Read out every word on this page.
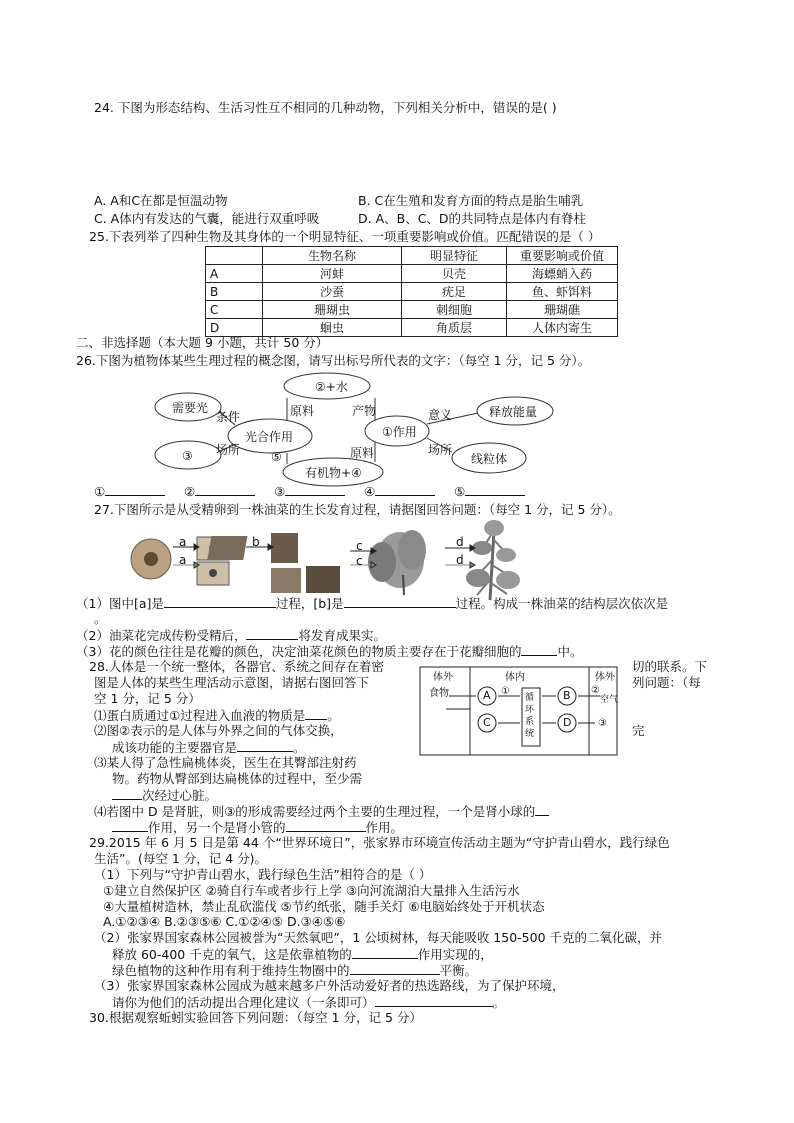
24. 下图为形态结构、生活习性互不相同的几种动物，下列相关分析中，错误的是( )
A. A和C在都是恒温动物	B. C在生殖和发育方面的特点是胎生哺乳
C. A体内有发达的气囊，能进行双重呼吸	D. A、B、C、D的共同特点是体内有脊柱
25.下表列举了四种生物及其身体的一个明显特征、一项重要影响或价值。匹配错误的是（ ）
	生物名称	明显特征	重要影响或价值
A	河蚌	贝壳	海螵蛸入药
B	沙蚕	疣足	鱼、虾饵料
C	珊瑚虫	刺细胞	珊瑚礁
D	蛔虫	角质层	人体内寄生
二、非选择题（本大题 9 小题，共计 50 分）
26.下图为植物体某些生理过程的概念图，请写出标号所代表的文字：（每空 1 分，记 5 分）。
需要光
②+水
光合作用	①作用
释放能量
③	线粒体
有机物+④
⑤
条件	原料	产物	意义
场所	原料	场所
①	②	③	④	⑤
27.下图所示是从受精卵到一株油菜的生长发育过程，请据图回答问题：（每空 1 分，记 5 分）。
a
a
b	c
c
d
d
（1）图中[a]是	过程，[b]是	过程。构成一株油菜的结构层次依次是
。
（2）油菜花完成传粉受精后，	将发育成果实。
（3）花的颜色往往是花瓣的颜色，决定油菜花颜色的物质主要存在于花瓣细胞的	中。
28.人体是一个统一整体，各器官、系统之间存在着密	切的联系。下
图是人体的某些生理活动示意图，请据右图回答下	列问题：（每
空 1 分，记 5 分）
⑴蛋白质通过①过程进入血液的物质是 。
⑵图②表示的是人体与外界之间的气体交换，	完
成该功能的主要器官是	。
⑶某人得了急性扁桃体炎，医生在其臀部注射药
物。药物从臀部到达扁桃体的过程中，至少需
次经过心脏。
⑷若图中 D 是肾脏，则③的形成需要经过两个主要的生理过程，一个是肾小球的
作用，另一个是肾小管的	作用。
体外	体内	体外
食物	A
C
B
D
①	②
③
空气
循环系统
29.2015 年 6 月 5 日是第 44 个“世界环境日”，张家界市环境宣传活动主题为“守护青山碧水，践行绿色
生活”。(每空 1 分，记 4 分)。
（1）下列与“守护青山碧水，践行绿色生活”相符合的是（ ）
①建立自然保护区 ②骑自行车或者步行上学 ③向河流湖泊大量排入生活污水
④大量植树造林，禁止乱砍滥伐 ⑤节约纸张，随手关灯 ⑥电脑始终处于开机状态
A.①②③④ B.②③⑤⑥ C.①②④⑤ D.③④⑤⑥
（2）张家界国家森林公园被誉为“天然氧吧”，1 公顷树林，每天能吸收 150-500 千克的二氧化碳，并
释放 60-400 千克的氧气，这是依靠植物的	作用实现的，
绿色植物的这种作用有利于维持生物圈中的	平衡。
（3）张家界国家森林公园成为越来越多户外活动爱好者的热选路线，为了保护环境，
请你为他们的活动提出合理化建议（一条即可）	。
30.根据观察蚯蚓实验回答下列问题：（每空 1 分，记 5 分）
